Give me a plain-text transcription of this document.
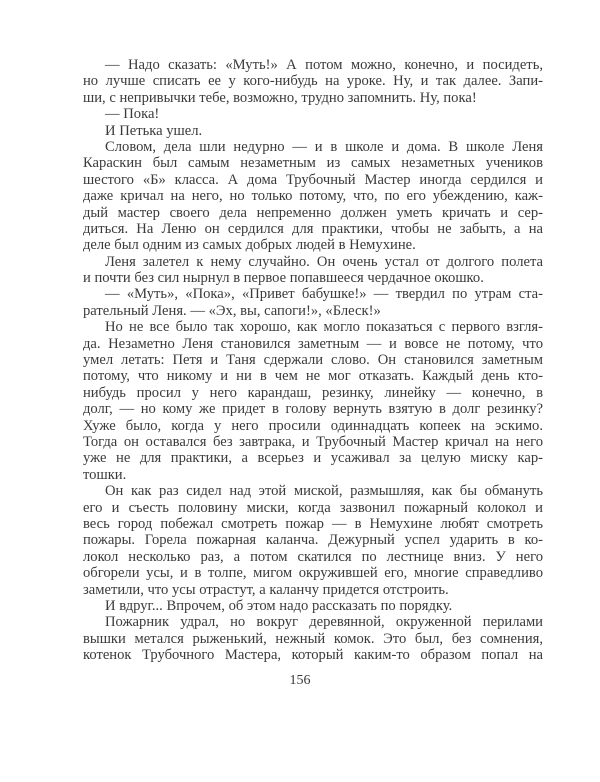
— Надо сказать: «Муть!» А потом можно, конечно, и посидеть,
но лучше списать ее у кого-нибудь на уроке. Ну, и так далее. Запи-
ши, с непривычки тебе, возможно, трудно запомнить. Ну, пока!
— Пока!
И Петька ушел.
Словом, дела шли недурно — и в школе и дома. В школе Леня
Караскин был самым незаметным из самых незаметных учеников
шестого «Б» класса. А дома Трубочный Мастер иногда сердился и
даже кричал на него, но только потому, что, по его убеждению, каж-
дый мастер своего дела непременно должен уметь кричать и сер-
диться. На Леню он сердился для практики, чтобы не забыть, а на
деле был одним из самых добрых людей в Немухине.
Леня залетел к нему случайно. Он очень устал от долгого полета
и почти без сил нырнул в первое попавшееся чердачное окошко.
— «Муть», «Пока», «Привет бабушке!» — твердил по утрам ста-
рательный Леня. — «Эх, вы, сапоги!», «Блеск!»
Но не все было так хорошо, как могло показаться с первого взгля-
да. Незаметно Леня становился заметным — и вовсе не потому, что
умел летать: Петя и Таня сдержали слово. Он становился заметным
потому, что никому и ни в чем не мог отказать. Каждый день кто-
нибудь просил у него карандаш, резинку, линейку — конечно, в
долг, — но кому же придет в голову вернуть взятую в долг резинку?
Хуже было, когда у него просили одиннадцать копеек на эскимо.
Тогда он оставался без завтрака, и Трубочный Мастер кричал на него
уже не для практики, а всерьез и усаживал за целую миску кар-
тошки.
Он как раз сидел над этой миской, размышляя, как бы обмануть
его и съесть половину миски, когда зазвонил пожарный колокол и
весь город побежал смотреть пожар — в Немухине любят смотреть
пожары. Горела пожарная каланча. Дежурный успел ударить в ко-
локол несколько раз, а потом скатился по лестнице вниз. У него
обгорели усы, и в толпе, мигом окружившей его, многие справедливо
заметили, что усы отрастут, а каланчу придется отстроить.
И вдруг... Впрочем, об этом надо рассказать по порядку.
Пожарник удрал, но вокруг деревянной, окруженной перилами
вышки метался рыженький, нежный комок. Это был, без сомнения,
котенок Трубочного Мастера, который каким-то образом попал на
156
